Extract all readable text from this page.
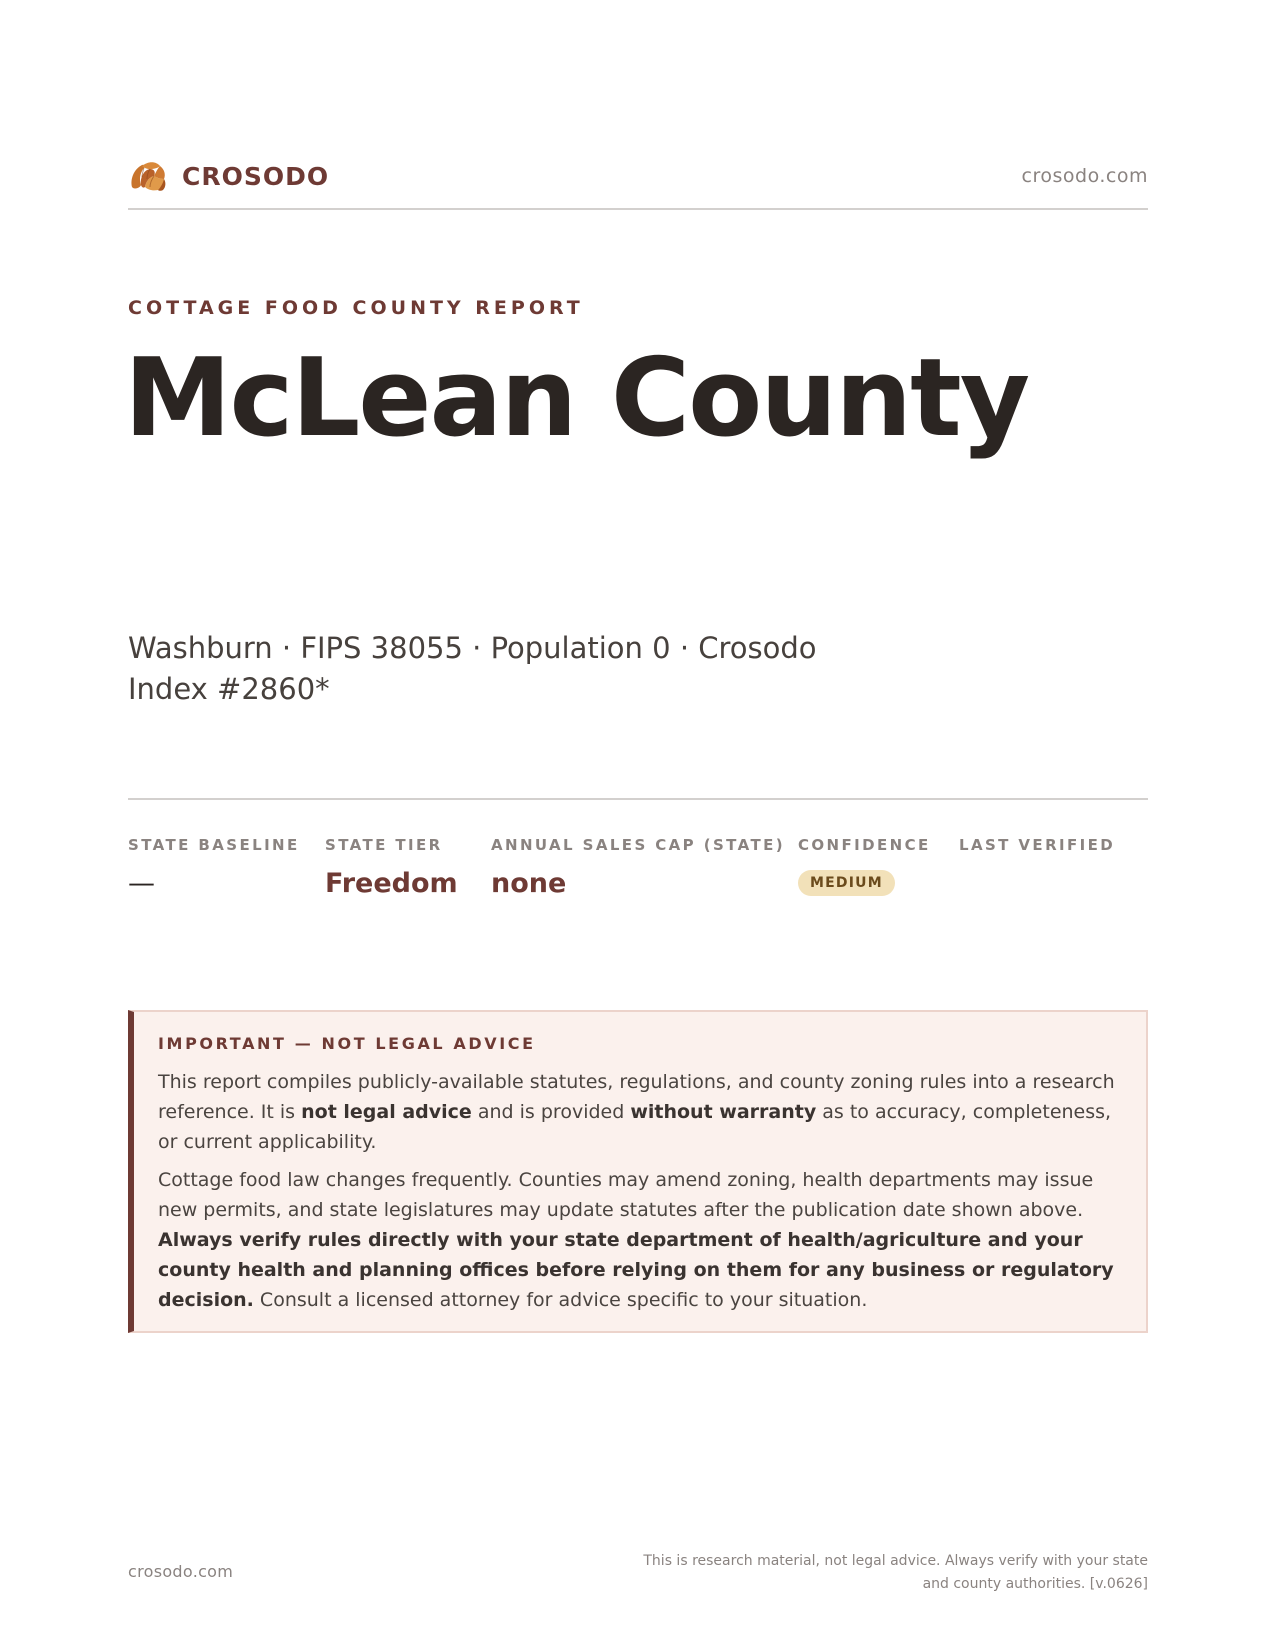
CROSODO	crosodo.com
COTTAGE FOOD COUNTY REPORT
McLean County
Washburn · FIPS 38055 · Population 0 · Crosodo Index #2860*
STATE BASELINE
—
STATE TIER
Freedom
ANNUAL SALES CAP (STATE)
none
CONFIDENCE
MEDIUM
LAST VERIFIED
IMPORTANT — NOT LEGAL ADVICE

This report compiles publicly-available statutes, regulations, and county zoning rules into a research reference. It is not legal advice and is provided without warranty as to accuracy, completeness, or current applicability.

Cottage food law changes frequently. Counties may amend zoning, health departments may issue new permits, and state legislatures may update statutes after the publication date shown above. Always verify rules directly with your state department of health/agriculture and your county health and planning offices before relying on them for any business or regulatory decision. Consult a licensed attorney for advice specific to your situation.

crosodo.com
This is research material, not legal advice. Always verify with your state
and county authorities. [v.0626]
